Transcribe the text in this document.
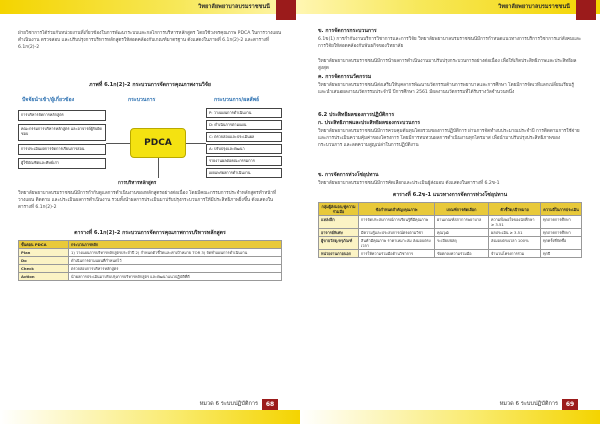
วิทยาลัยพยาบาลบรมราชชนนี
ฝ่ายวิชาการได้ร่วมกับหน่วยงานที่เกี่ยวข้องในการพัฒนาระบบและกลไกการบริหารหลักสูตร โดยใช้วงจรคุณภาพ PDCA ในการวางแผน ดำเนินงาน ตรวจสอบ และปรับปรุงการบริหารหลักสูตรให้สอดคล้องกับเกณฑ์มาตรฐาน ดังแสดงในภาพที่ 6.1ก(2)-2 และตารางที่ 6.1ก(2)-2
ภาพที่ 6.1ก(2)-2 กระบวนการจัดการคุณภาพงานวิจัย
ปัจจัยนำเข้า/ผู้เกี่ยวข้อง	กระบวนการ	กระบวนการ/ผลลัพธ์
การบริหารจัดการหลักสูตร
คณะกรรมการบริหารหลักสูตร และอาจารย์ผู้รับผิดชอบ
การประเมินผลการจัดการเรียนการสอน
ผู้ใช้บัณฑิตและศิษย์เก่า
PDCA
P: วางแผนการดำเนินงาน
D: ดำเนินการตามแผน
C: ตรวจสอบและประเมินผล
A: ปรับปรุงและพัฒนา
รายงานผลต่อคณะกรรมการ
เผยแพร่ผลการดำเนินงาน
การบริหารหลักสูตร
วิทยาลัยพยาบาลบรมราชชนนีมีการกำกับดูแลการดำเนินงานของหลักสูตรอย่างต่อเนื่อง โดยมีคณะกรรมการประจำหลักสูตรทำหน้าที่วางแผน ติดตาม และประเมินผลการดำเนินงาน รวมทั้งนำผลการประเมินมาปรับปรุงกระบวนการให้มีประสิทธิภาพยิ่งขึ้น ดังแสดงในตารางที่ 6.1ก(2)-2
ตารางที่ 6.1ก(2)-2 กระบวนการจัดการคุณภาพการบริหารหลักสูตร
ขั้นตอน PDCA	กระบวนการหลัก
Plan	1) วางแผนการบริหารหลักสูตรประจำปี 2) กำหนดตัวชี้วัดและค่าเป้าหมาย TOR 3) จัดทำแผนการดำเนินงาน
Do	ดำเนินการตามแผนที่กำหนดไว้
Check	ตรวจสอบการบริหารหลักสูตร
Action	นำผลการประเมินมาปรับปรุงการบริหารหลักสูตร และพัฒนาแนวปฏิบัติที่ดี
หมวด 6 ระบบปฏิบัติการ	68
วิทยาลัยพยาบาลบรมราชชนนี
ข. การจัดการกระบวนการ
6.1ข(1) การกำกับงานบริการวิชาการและการวิจัย วิทยาลัยพยาบาลบรมราชชนนีมีการกำหนดแนวทางการบริการวิชาการแก่สังคมและการวิจัยให้สอดคล้องกับพันธกิจของวิทยาลัย
วิทยาลัยพยาบาลบรมราชชนนีมีการนำผลการดำเนินงานมาปรับปรุงกระบวนการอย่างต่อเนื่อง เพื่อให้เกิดประสิทธิภาพและประสิทธิผลสูงสุด
ค. การจัดการนวัตกรรม
วิทยาลัยพยาบาลบรมราชชนนีส่งเสริมให้บุคลากรพัฒนานวัตกรรมด้านการพยาบาลและการศึกษา โดยมีการจัดเวทีแลกเปลี่ยนเรียนรู้และนำเสนอผลงานนวัตกรรมประจำปี ปีการศึกษา 2561 มีผลงานนวัตกรรมที่ได้รับรางวัลจำนวนหนึ่ง
6.2 ประสิทธิผลของการปฏิบัติการ
ก. ประสิทธิภาพและประสิทธิผลของกระบวนการ
วิทยาลัยพยาบาลบรมราชชนนีมีการควบคุมต้นทุนโดยรวมของการปฏิบัติการ ผ่านการจัดทำงบประมาณประจำปี การติดตามการใช้จ่าย และการประเมินความคุ้มค่าของโครงการ โดยมีการทบทวนผลการดำเนินงานทุกไตรมาส เพื่อนำมาปรับปรุงประสิทธิภาพของกระบวนการ และลดความสูญเปล่าในการปฏิบัติงาน
ข. การจัดการห่วงโซ่อุปทาน
วิทยาลัยพยาบาลบรมราชชนนีมีการคัดเลือกและประเมินผู้ส่งมอบ ดังแสดงในตารางที่ 6.2ข-1
ตารางที่ 6.2ข-1 แนวทางการจัดการห่วงโซ่อุปทาน
กลุ่มผู้ส่งมอบ/คู่ความร่วมมือ	ข้อกำหนดสำคัญ/คุณภาพ	เกณฑ์การคัดเลือก	ตัวชี้วัด/เป้าหมาย	ความถี่ในการประเมิน
แหล่งฝึก	การจัดประสบการณ์การเรียนรู้ที่มีคุณภาพ	ผ่านเกณฑ์สภาการพยาบาล	ความพึงพอใจของนักศึกษา ≥ 3.51	ทุกภาคการศึกษา
อาจารย์พิเศษ	มีความรู้และประสบการณ์ตรงตามวิชา	คุณวุฒิ	ผลประเมิน ≥ 3.51	ทุกภาคการศึกษา
ผู้ขายวัสดุ/ครุภัณฑ์	สินค้ามีคุณภาพ ราคาเหมาะสม ส่งมอบตรงเวลา	ระเบียบพัสดุ	ส่งมอบตรงเวลา 100%	ทุกครั้งที่จัดซื้อ
หน่วยงานภายนอก	การให้ความร่วมมือด้านวิชาการ	ข้อตกลงความร่วมมือ	จำนวนโครงการร่วม	ทุกปี
หมวด 6 ระบบปฏิบัติการ	69
